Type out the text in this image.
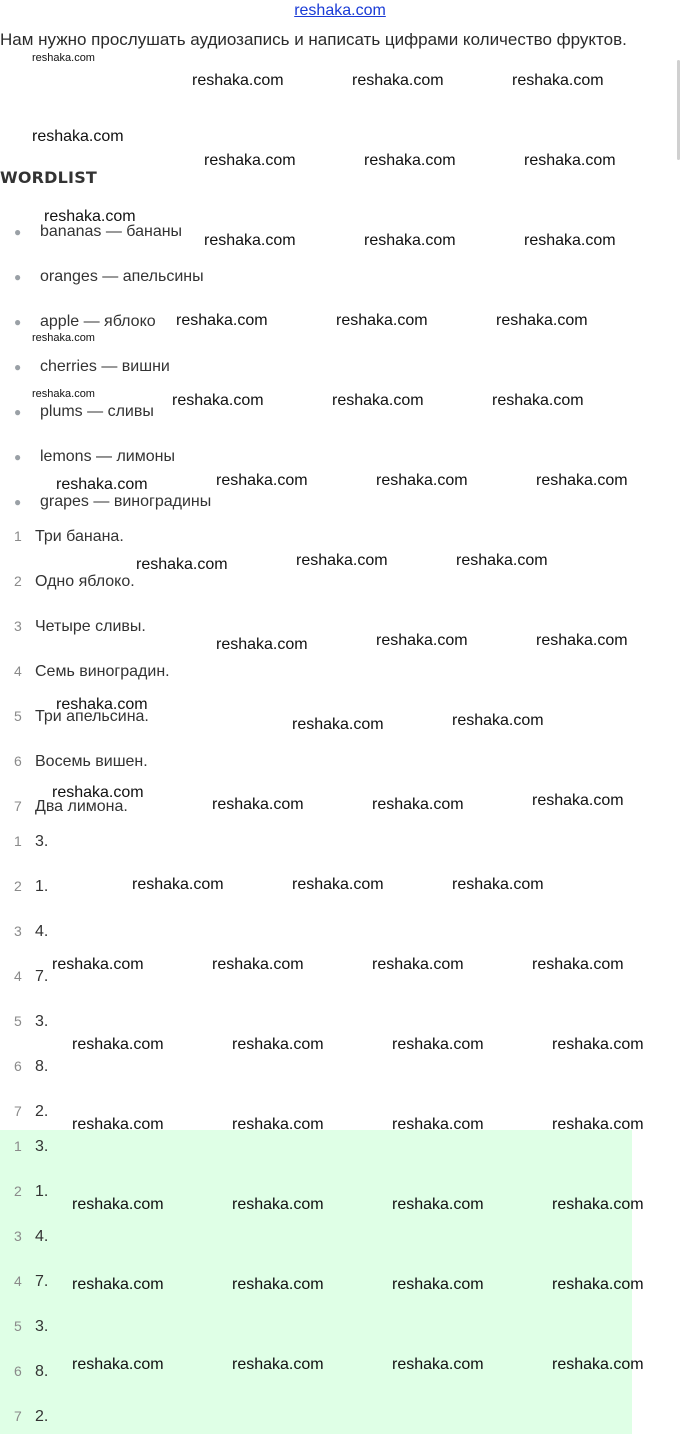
reshaka.com
Нам нужно прослушать аудиозапись и написать цифрами количество фруктов.
WORDLIST
● bananas — бананы
● oranges — апельсины
● apple — яблоко
● cherries — вишни
● plums — сливы
● lemons — лимоны
● grapes — виноградины
1 Три банана.
2 Одно яблоко.
3 Четыре сливы.
4 Семь виноградин.
5 Три апельсина.
6 Восемь вишен.
7 Два лимона.
1 3.
2 1.
3 4.
4 7.
5 3.
6 8.
7 2.
1 3.
2 1.
3 4.
4 7.
5 3.
6 8.
7 2.
reshaka.com
reshaka.com	reshaka.com	reshaka.com
reshaka.com
reshaka.com	reshaka.com	reshaka.com
reshaka.com
reshaka.com	reshaka.com	reshaka.com
reshaka.com	reshaka.com	reshaka.com
reshaka.com
reshaka.com	reshaka.com	reshaka.com	reshaka.com
reshaka.com	reshaka.com	reshaka.com	reshaka.com
reshaka.com	reshaka.com	reshaka.com
reshaka.com	reshaka.com	reshaka.com
reshaka.com
reshaka.com	reshaka.com
reshaka.com
reshaka.com	reshaka.com	reshaka.com
reshaka.com	reshaka.com	reshaka.com
reshaka.com	reshaka.com	reshaka.com	reshaka.com
reshaka.com	reshaka.com	reshaka.com	reshaka.com
reshaka.com	reshaka.com	reshaka.com	reshaka.com
reshaka.com	reshaka.com	reshaka.com	reshaka.com
reshaka.com	reshaka.com	reshaka.com	reshaka.com
reshaka.com	reshaka.com	reshaka.com	reshaka.com
